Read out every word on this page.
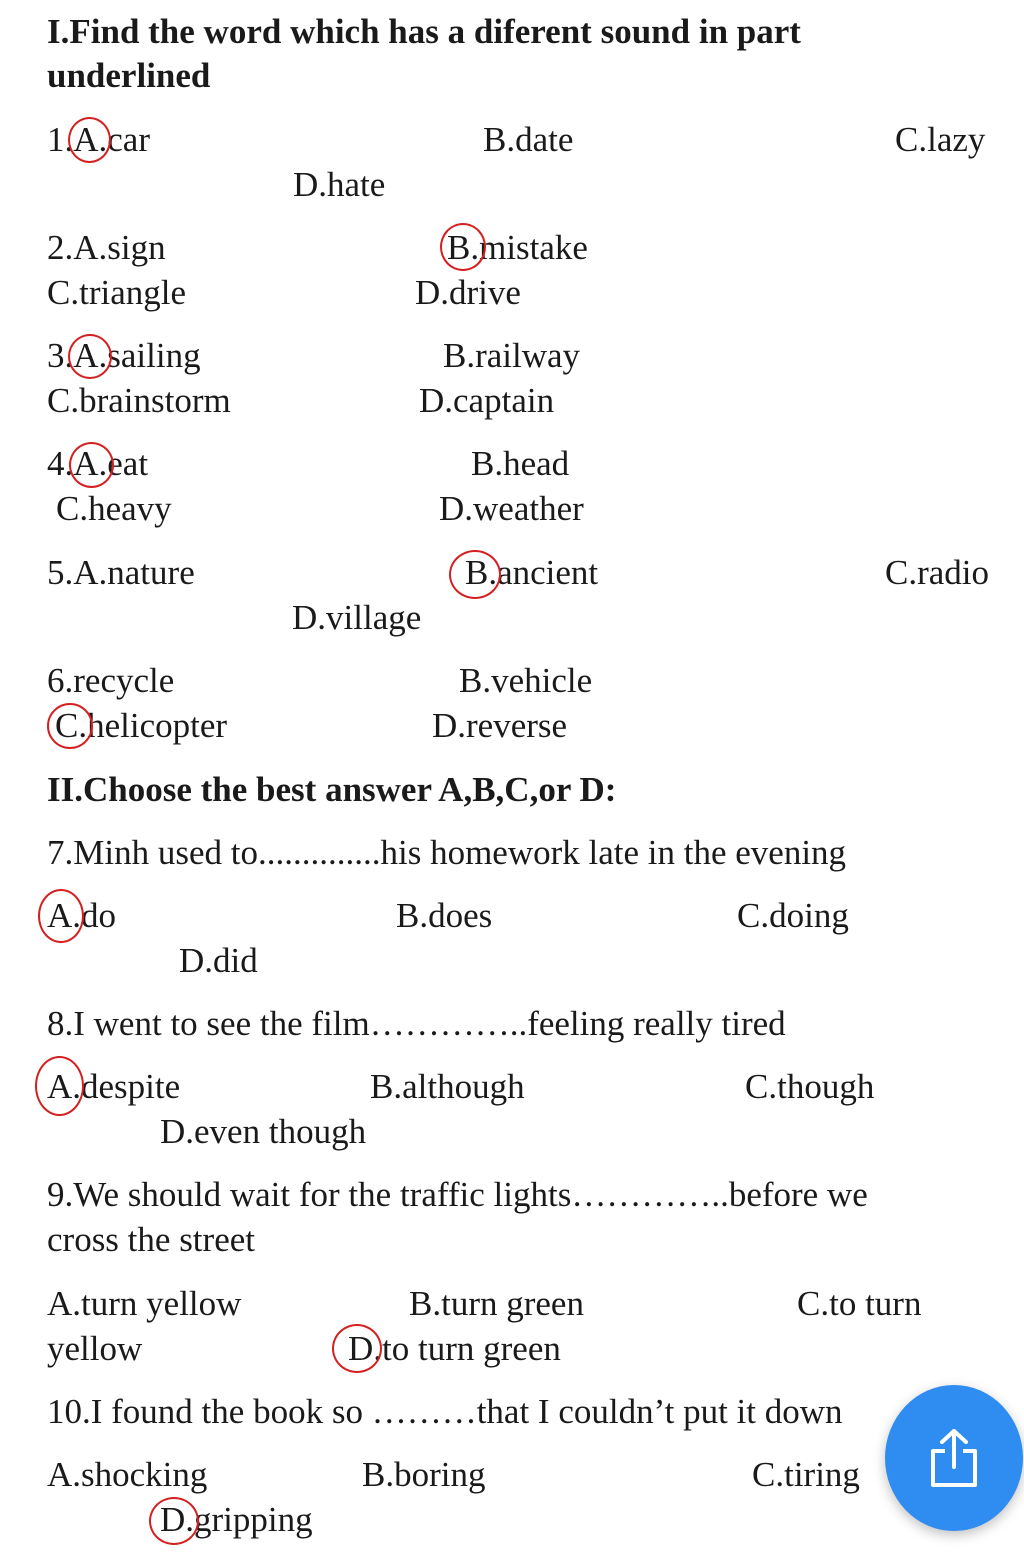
I.Find the word which has a diferent sound in part
underlined
1.A.car	B.date	C.lazy
D.hate
2.A.sign	B.mistake
C.triangle	D.drive
3.A.sailing	B.railway
C.brainstorm	D.captain
4.A.eat	B.head
C.heavy	D.weather
5.A.nature	B.ancient	C.radio
D.village
6.recycle	B.vehicle
C.helicopter	D.reverse
II.Choose the best answer A,B,C,or D:
7.Minh used to..............his homework late in the evening
A.do	B.does	C.doing
D.did
8.I went to see the film…………..feeling really tired
A.despite	B.although	C.though
D.even though
9.We should wait for the traffic lights…………..before we
cross the street
A.turn yellow	B.turn green	C.to turn
yellow	D.to turn green
10.I found the book so ………that I couldn’t put it down
A.shocking	B.boring	C.tiring
D.gripping
